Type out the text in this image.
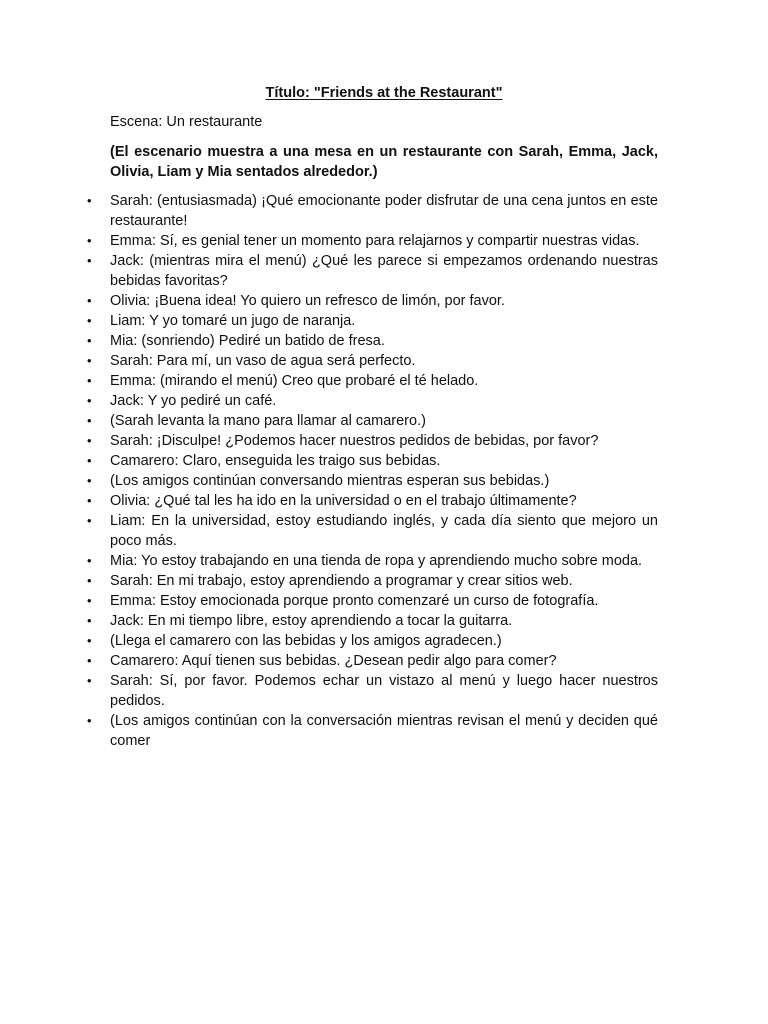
Título: "Friends at the Restaurant"

Escena: Un restaurante

(El escenario muestra a una mesa en un restaurante con Sarah, Emma, Jack, Olivia, Liam y Mia sentados alrededor.)

• Sarah: (entusiasmada) ¡Qué emocionante poder disfrutar de una cena juntos en este restaurante!
• Emma: Sí, es genial tener un momento para relajarnos y compartir nuestras vidas.
• Jack: (mientras mira el menú) ¿Qué les parece si empezamos ordenando nuestras bebidas favoritas?
• Olivia: ¡Buena idea! Yo quiero un refresco de limón, por favor.
• Liam: Y yo tomaré un jugo de naranja.
• Mia: (sonriendo) Pediré un batido de fresa.
• Sarah: Para mí, un vaso de agua será perfecto.
• Emma: (mirando el menú) Creo que probaré el té helado.
• Jack: Y yo pediré un café.
• (Sarah levanta la mano para llamar al camarero.)
• Sarah: ¡Disculpe! ¿Podemos hacer nuestros pedidos de bebidas, por favor?
• Camarero: Claro, enseguida les traigo sus bebidas.
• (Los amigos continúan conversando mientras esperan sus bebidas.)
• Olivia: ¿Qué tal les ha ido en la universidad o en el trabajo últimamente?
• Liam: En la universidad, estoy estudiando inglés, y cada día siento que mejoro un poco más.
• Mia: Yo estoy trabajando en una tienda de ropa y aprendiendo mucho sobre moda.
• Sarah: En mi trabajo, estoy aprendiendo a programar y crear sitios web.
• Emma: Estoy emocionada porque pronto comenzaré un curso de fotografía.
• Jack: En mi tiempo libre, estoy aprendiendo a tocar la guitarra.
• (Llega el camarero con las bebidas y los amigos agradecen.)
• Camarero: Aquí tienen sus bebidas. ¿Desean pedir algo para comer?
• Sarah: Sí, por favor. Podemos echar un vistazo al menú y luego hacer nuestros pedidos.
• (Los amigos continúan con la conversación mientras revisan el menú y deciden qué comer
